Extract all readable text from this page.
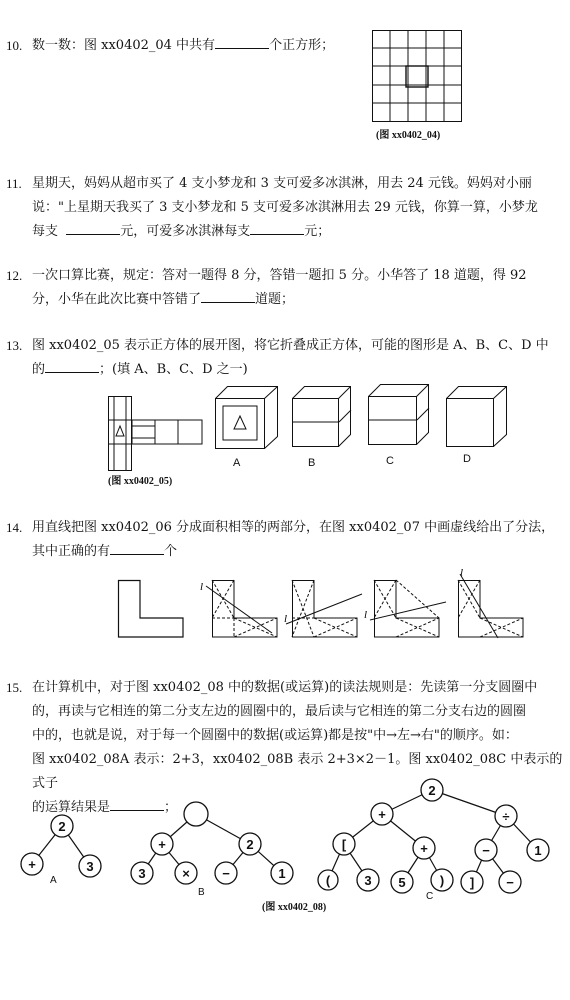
10. 数一数：图 xx0402_04 中共有	个正方形；
(图 xx0402_04)
11. 星期天，妈妈从超市买了 4 支小梦龙和 3 支可爱多冰淇淋，用去 24 元钱。妈妈对小丽
说："上星期天我买了 3 支小梦龙和 5 支可爱多冰淇淋用去 29 元钱，你算一算，小梦龙
每支	元，可爱多冰淇淋每支	元；
12. 一次口算比赛，规定：答对一题得 8 分，答错一题扣 5 分。小华答了 18 道题，得 92
分，小华在此次比赛中答错了	道题；
13. 图 xx0402_05 表示正方体的展开图，将它折叠成正方体，可能的图形是 A、B、C、D 中
的	；(填 A、B、C、D 之一)
(图 xx0402_05)
A	B	C	D
14. 用直线把图 xx0402_06 分成面积相等的两部分，在图 xx0402_07 中画虚线给出了分法，
其中正确的有	个
l
l	l
l
15. 在计算机中，对于图 xx0402_08 中的数据(或运算)的读法规则是：先读第一分支圆圈中
的，再读与它相连的第二分支左边的圆圈中的，最后读与它相连的第二分支右边的圆圈
中的，也就是说，对于每一个圆圈中的数据(或运算)都是按"中→左→右"的顺序。如：
图 xx0402_08A 表示：2+3，xx0402_08B 表示 2+3×2－1。图 xx0402_08C 中表示的式子
的运算结果是	；
2
+	3
A
+	2
3	× −	1
B
2
+	÷
[	+
(	3 5	)
−	1
] −
C
(图 xx0402_08)
